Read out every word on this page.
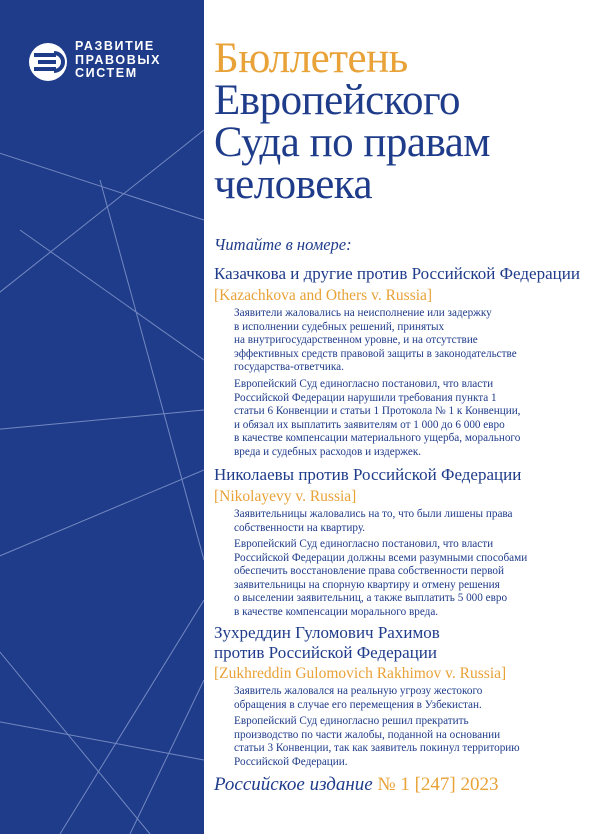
РАЗВИТИЕ
ПРАВОВЫХ
СИСТЕМ	Бюллетень
Европейского
Суда по правам
человека
Читайте в номере:
Казачкова и другие против Российской Федерации
[Kazachkova and Others v. Russia]
Заявители жаловались на неисполнение или задержку
в исполнении судебных решений, принятых
на внутригосударственном уровне, и на отсутствие
эффективных средств правовой защиты в законодательстве
государства-ответчика.
Европейский Суд единогласно постановил, что власти
Российской Федерации нарушили требования пункта 1
статьи 6 Конвенции и статьи 1 Протокола № 1 к Конвенции,
и обязал их выплатить заявителям от 1 000 до 6 000 евро
в качестве компенсации материального ущерба, морального
вреда и судебных расходов и издержек.
Николаевы против Российской Федерации
[Nikolayevy v. Russia]
Заявительницы жаловались на то, что были лишены права
собственности на квартиру.
Европейский Суд единогласно постановил, что власти
Российской Федерации должны всеми разумными способами
обеспечить восстановление права собственности первой
заявительницы на спорную квартиру и отмену решения
о выселении заявительниц, а также выплатить 5 000 евро
в качестве компенсации морального вреда.
Зухреддин Гуломович Рахимов
против Российской Федерации
[Zukhreddin Gulomovich Rakhimov v. Russia]
Заявитель жаловался на реальную угрозу жестокого
обращения в случае его перемещения в Узбекистан.
Европейский Суд единогласно решил прекратить
производство по части жалобы, поданной на основании
статьи 3 Конвенции, так как заявитель покинул территорию
Российской Федерации.
Российское издание № 1 [247] 2023
